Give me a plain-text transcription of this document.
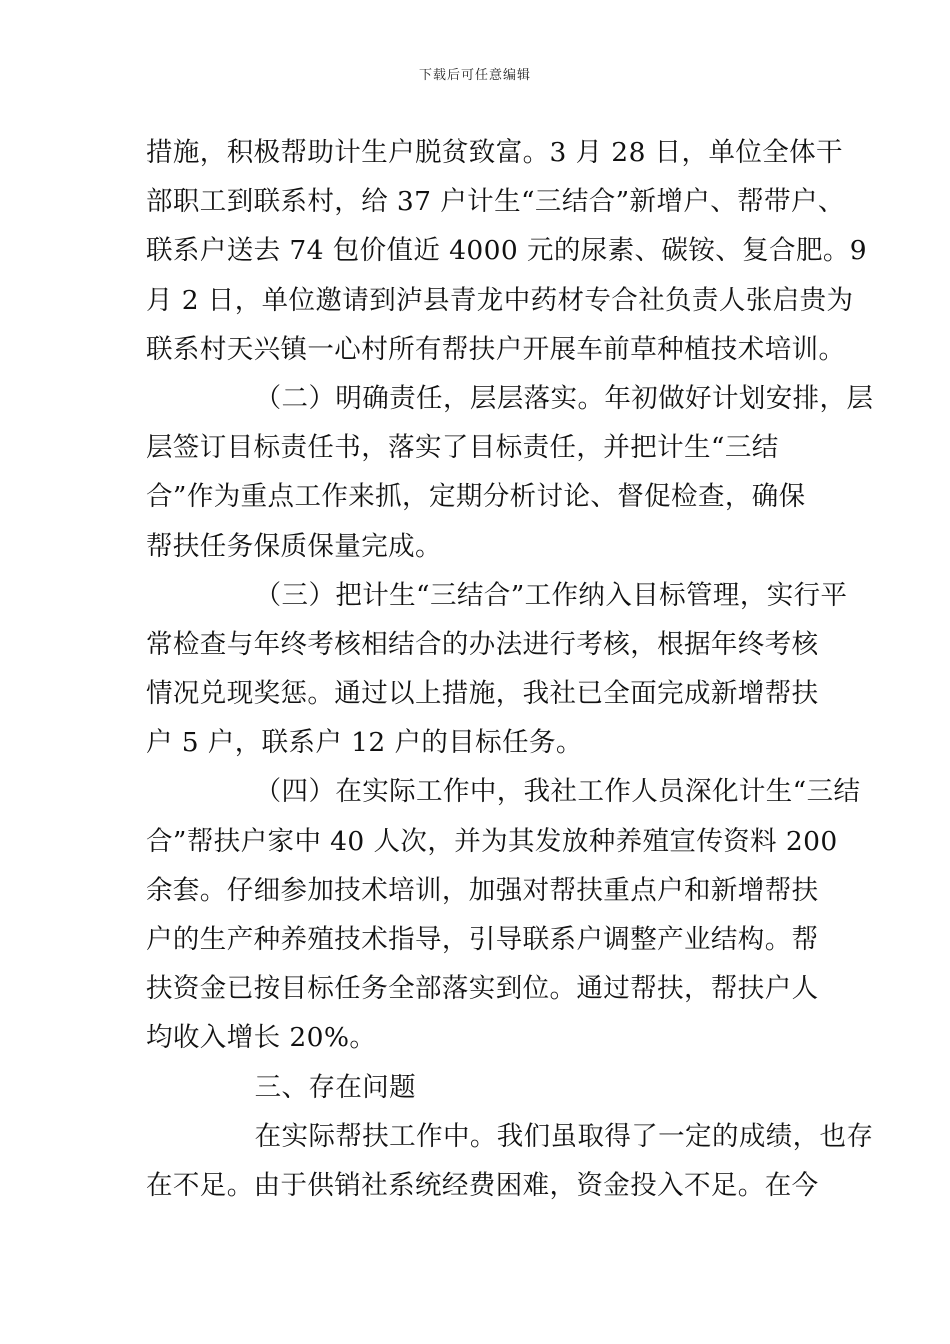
下载后可任意编辑
措施，积极帮助计生户脱贫致富。3 月 28 日，单位全体干
部职工到联系村，给 37 户计生“三结合”新增户、帮带户、
联系户送去 74 包价值近 4000 元的尿素、碳铵、复合肥。9
月 2 日，单位邀请到泸县青龙中药材专合社负责人张启贵为
联系村天兴镇一心村所有帮扶户开展车前草种植技术培训。
（二）明确责任，层层落实。年初做好计划安排，层
层签订目标责任书，落实了目标责任，并把计生“三结
合”作为重点工作来抓，定期分析讨论、督促检查，确保
帮扶任务保质保量完成。
（三）把计生“三结合”工作纳入目标管理，实行平
常检查与年终考核相结合的办法进行考核，根据年终考核
情况兑现奖惩。通过以上措施，我社已全面完成新增帮扶
户 5 户，联系户 12 户的目标任务。
（四）在实际工作中，我社工作人员深化计生“三结
合”帮扶户家中 40 人次，并为其发放种养殖宣传资料 200
余套。仔细参加技术培训，加强对帮扶重点户和新增帮扶
户的生产种养殖技术指导，引导联系户调整产业结构。帮
扶资金已按目标任务全部落实到位。通过帮扶，帮扶户人
均收入增长 20%。
三、存在问题
在实际帮扶工作中。我们虽取得了一定的成绩，也存
在不足。由于供销社系统经费困难，资金投入不足。在今
